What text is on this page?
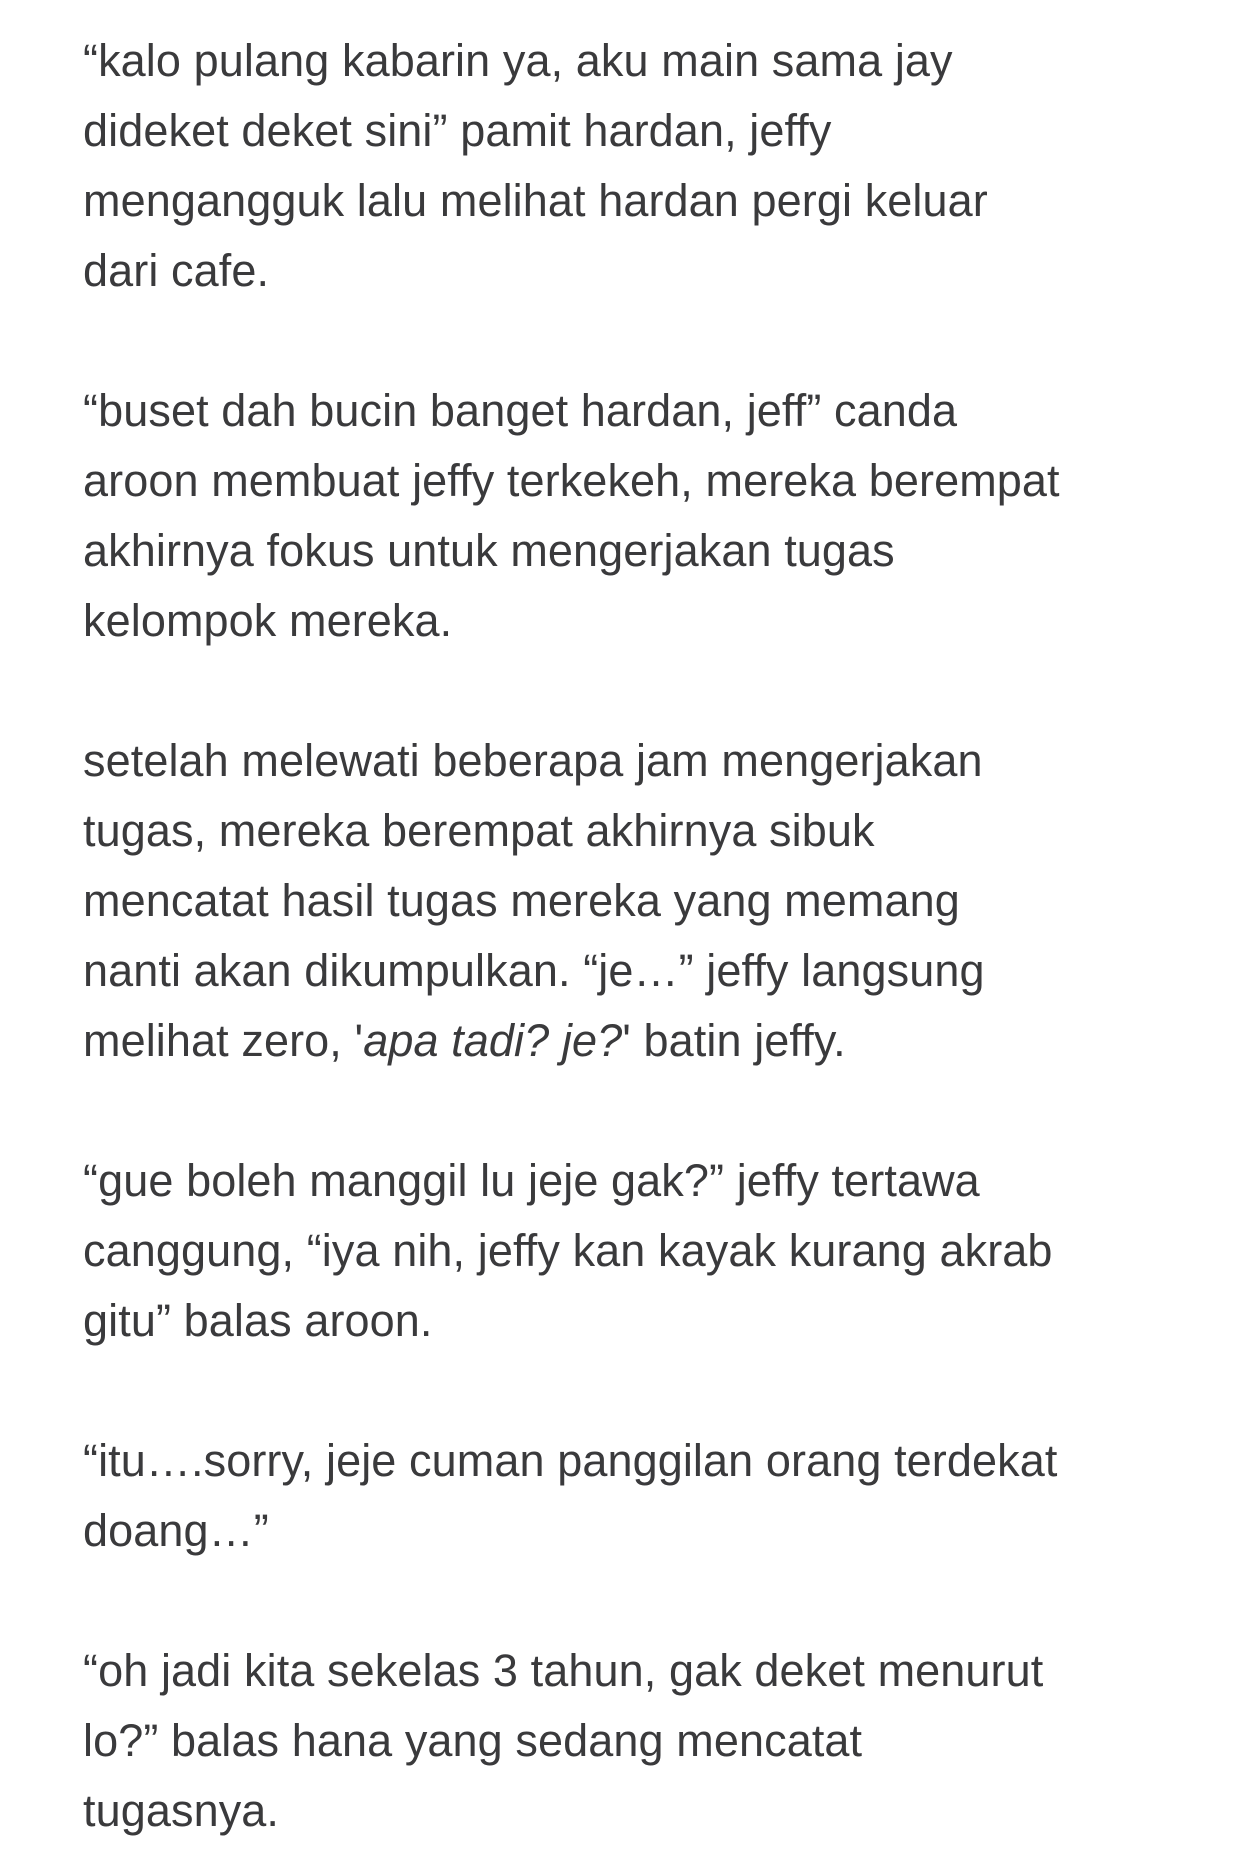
“kalo pulang kabarin ya, aku main sama jay
dideket deket sini” pamit hardan, jeffy
mengangguk lalu melihat hardan pergi keluar
dari cafe.

“buset dah bucin banget hardan, jeff” canda
aroon membuat jeffy terkekeh, mereka berempat
akhirnya fokus untuk mengerjakan tugas
kelompok mereka.

setelah melewati beberapa jam mengerjakan
tugas, mereka berempat akhirnya sibuk
mencatat hasil tugas mereka yang memang
nanti akan dikumpulkan. “je…” jeffy langsung
melihat zero, 'apa tadi? je?' batin jeffy.

“gue boleh manggil lu jeje gak?” jeffy tertawa
canggung, “iya nih, jeffy kan kayak kurang akrab
gitu” balas aroon.

“itu….sorry, jeje cuman panggilan orang terdekat
doang…”

“oh jadi kita sekelas 3 tahun, gak deket menurut
lo?” balas hana yang sedang mencatat
tugasnya.
